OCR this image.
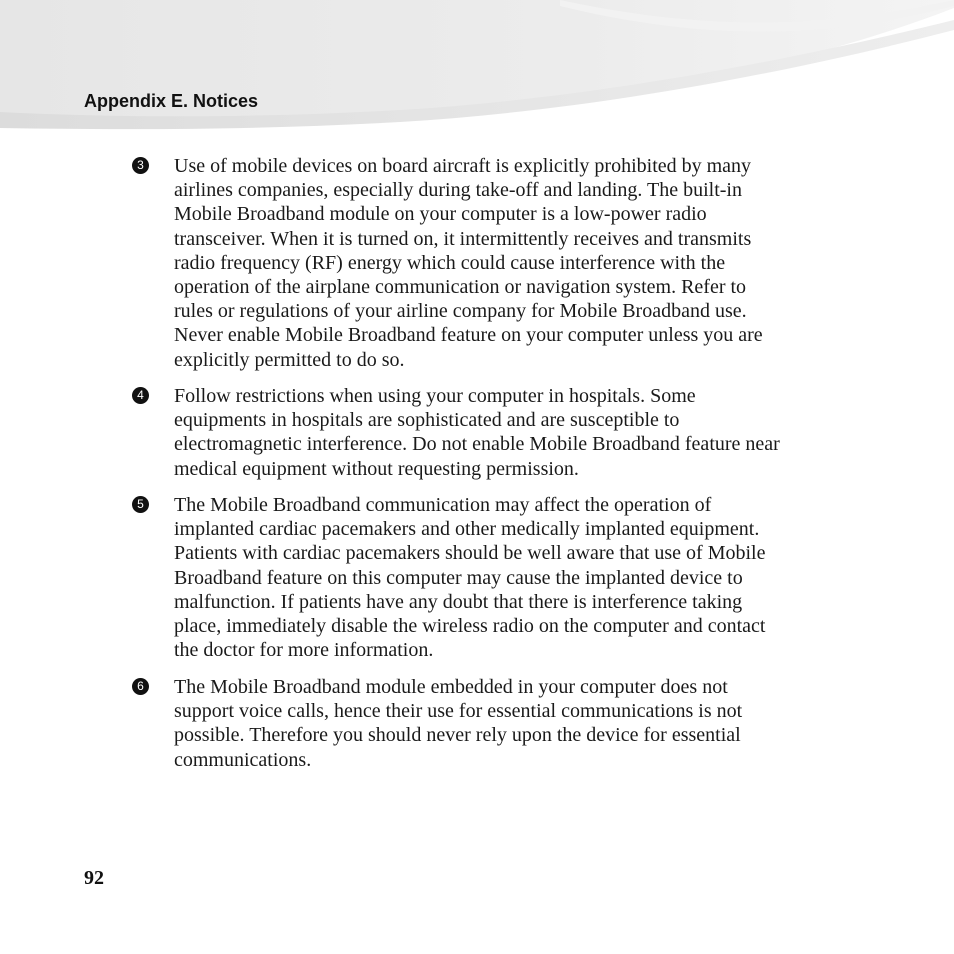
Appendix E. Notices
3 Use of mobile devices on board aircraft is explicitly prohibited by many
airlines companies, especially during take-off and landing. The built-in
Mobile Broadband module on your computer is a low-power radio
transceiver. When it is turned on, it intermittently receives and transmits
radio frequency (RF) energy which could cause interference with the
operation of the airplane communication or navigation system. Refer to
rules or regulations of your airline company for Mobile Broadband use.
Never enable Mobile Broadband feature on your computer unless you are
explicitly permitted to do so.

4 Follow restrictions when using your computer in hospitals. Some
equipments in hospitals are sophisticated and are susceptible to
electromagnetic interference. Do not enable Mobile Broadband feature near
medical equipment without requesting permission.

5 The Mobile Broadband communication may affect the operation of
implanted cardiac pacemakers and other medically implanted equipment.
Patients with cardiac pacemakers should be well aware that use of Mobile
Broadband feature on this computer may cause the implanted device to
malfunction. If patients have any doubt that there is interference taking
place, immediately disable the wireless radio on the computer and contact
the doctor for more information.

6 The Mobile Broadband module embedded in your computer does not
support voice calls, hence their use for essential communications is not
possible. Therefore you should never rely upon the device for essential
communications.

92
